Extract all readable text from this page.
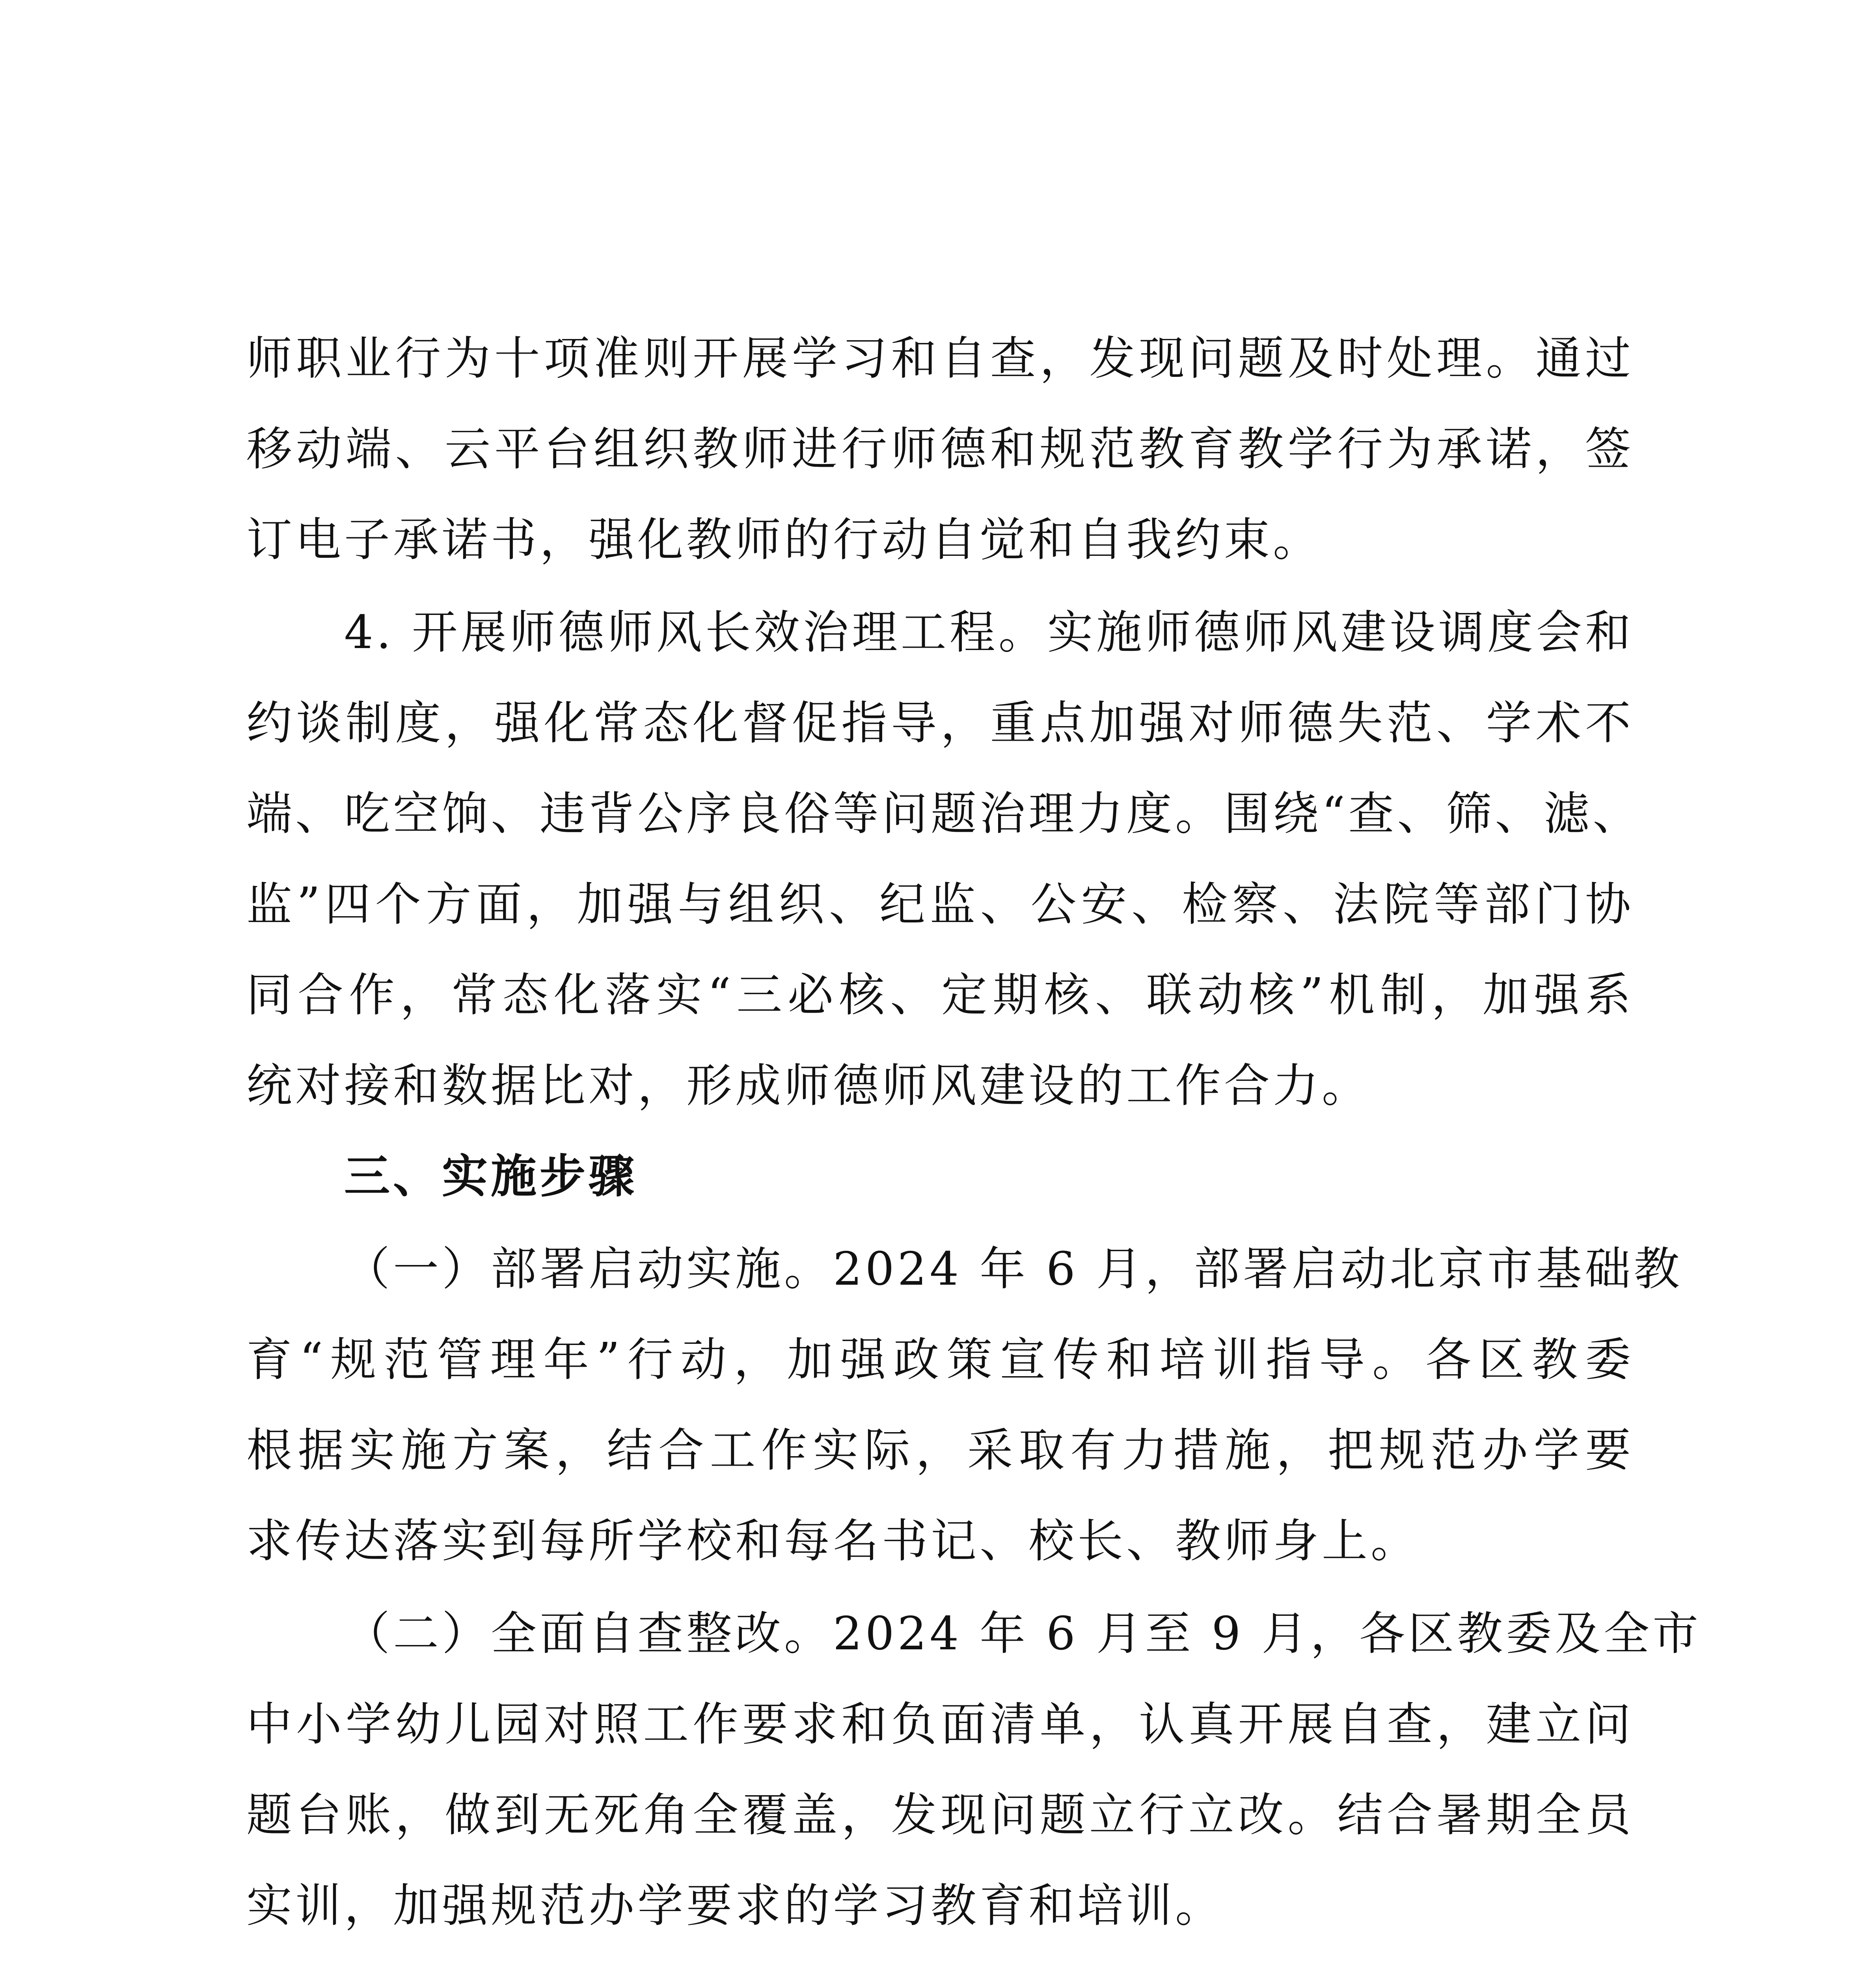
师职业行为十项准则开展学习和自查，发现问题及时处理。通过
移动端、云平台组织教师进行师德和规范教育教学行为承诺，签
订电子承诺书，强化教师的行动自觉和自我约束。
4. 开展师德师风长效治理工程。实施师德师风建设调度会和
约谈制度，强化常态化督促指导，重点加强对师德失范、学术不
端、吃空饷、违背公序良俗等问题治理力度。围绕“查、筛、滤、
监”四个方面，加强与组织、纪监、公安、检察、法院等部门协
同合作，常态化落实“三必核、定期核、联动核”机制，加强系
统对接和数据比对，形成师德师风建设的工作合力。
三、实施步骤
（一）部署启动实施。2024 年 6 月，部署启动北京市基础教
育“规范管理年”行动，加强政策宣传和培训指导。各区教委
根据实施方案，结合工作实际，采取有力措施，把规范办学要
求传达落实到每所学校和每名书记、校长、教师身上。
（二）全面自查整改。2024 年 6 月至 9 月，各区教委及全市
中小学幼儿园对照工作要求和负面清单，认真开展自查，建立问
题台账，做到无死角全覆盖，发现问题立行立改。结合暑期全员
实训，加强规范办学要求的学习教育和培训。
